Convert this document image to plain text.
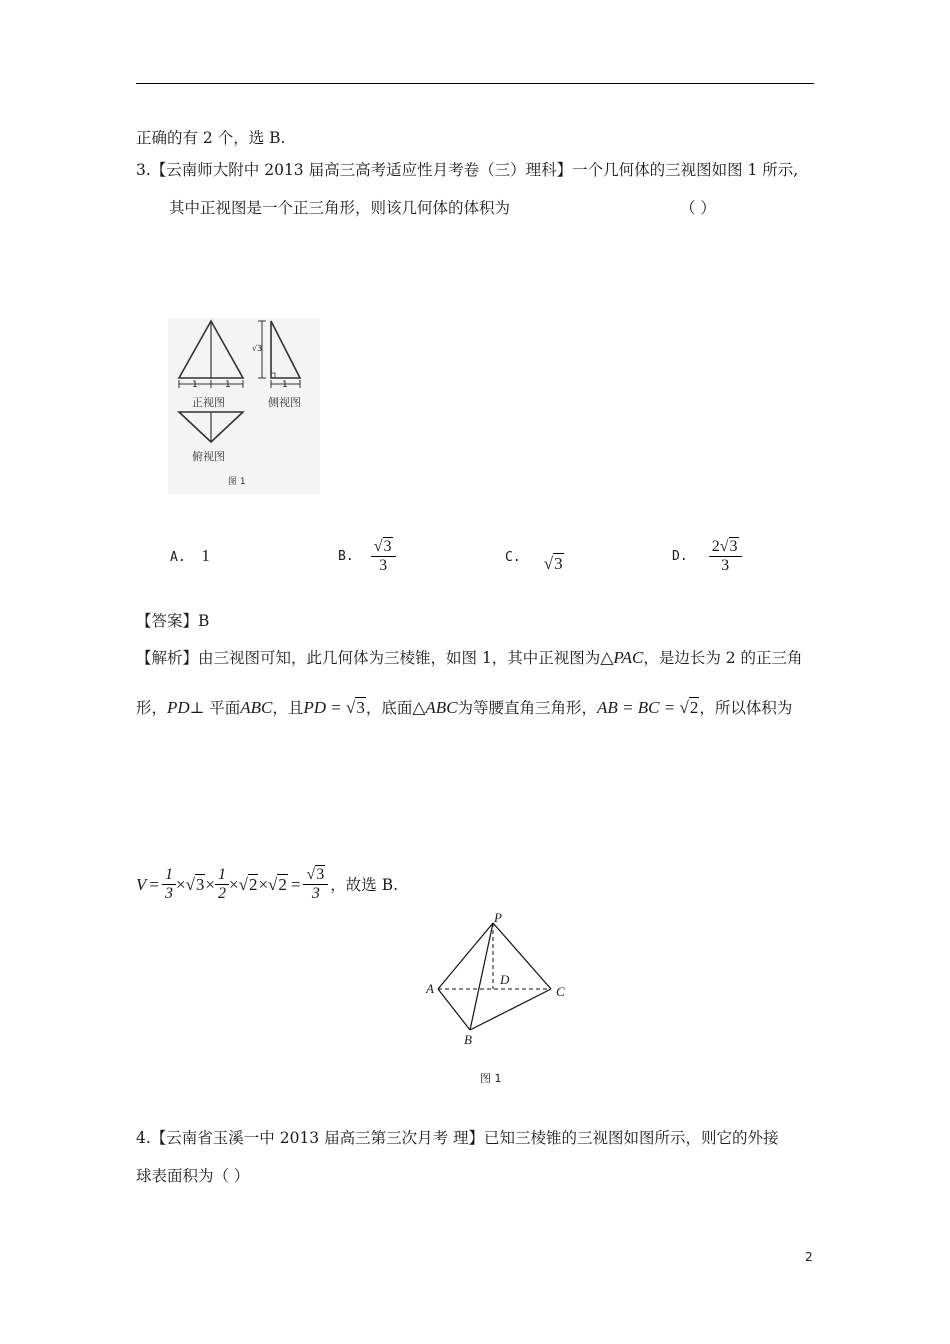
正确的有 2 个，选 B.
3.【云南师大附中 2013 届高三高考适应性月考卷（三）理科】一个几何体的三视图如图 1 所示,
其中正视图是一个正三角形，则该几何体的体积为	（ ）
1	1	1
√3
正视图	侧视图
俯视图
图 1
A. 1	B. $\frac{√3}{3}$	C. √3	D. $\frac{2√3}{3}$
【答案】B
【解析】由三视图可知，此几何体为三棱锥，如图 1，其中正视图为△PAC，是边长为 2 的正三角
形，PD⊥ 平面ABC，且PD = √3，底面△ABC为等腰直角三角形，AB = BC = √2，所以体积为
$V = \frac{1}{3} \times √3 \times \frac{1}{2} \times √2 \times √2 = \frac{√3}{3}$ ，故选 B.
P
A
B
C
D
图 1
4.【云南省玉溪一中 2013 届高三第三次月考 理】已知三棱锥的三视图如图所示，则它的外接
球表面积为（ ）
2
